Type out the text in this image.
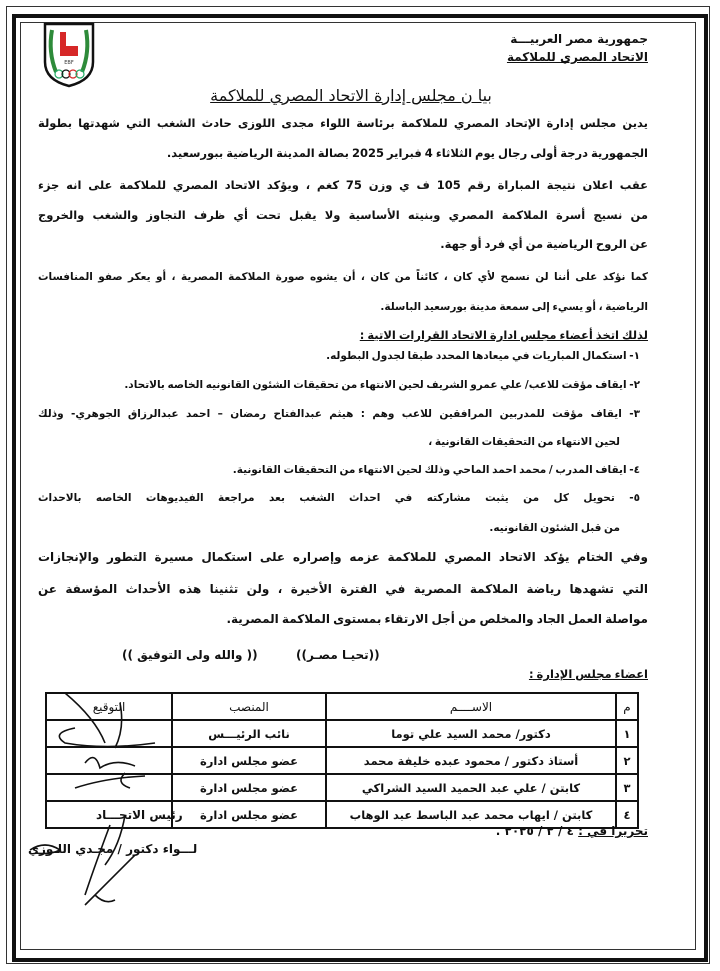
EBF
جمهورية مصر العربيـــة
الاتحاد المصري للملاكمة
بيا ن مجلس إدارة الاتحاد المصري للملاكمة
يدين مجلس إدارة الإتحاد المصري للملاكمة برئاسة اللواء مجدى اللوزى حادث الشغب التي شهدتها بطولة
الجمهورية درجة أولى رجال يوم الثلاثاء 4 فبراير 2025 بصالة المدينة الرياضية ببورسعيد.
عقب اعلان نتيجة المباراة رقم 105 ف ي وزن 75 كغم ، ويؤكد الاتحاد المصري للملاكمة على انه جزء
من نسيج أسرة الملاكمة المصري وبنيته الأساسية ولا يقبل تحت أي ظرف التجاوز والشغب والخروج
عن الروح الرياضية من أي فرد أو جهة.
كما نؤكد على أننا لن نسمح لأي كان ، كائناً من كان ، أن يشوه صورة الملاكمة المصرية ، أو يعكر صفو المنافسات
الرياضية ، أو يسيء إلى سمعة مدينة بورسعيد الباسلة.
لذلك اتخذ أعضاء مجلس ادارة الاتحاد القرارات الاتية :
١- استكمال المباريات في ميعادها المحدد طبقا لجدول البطوله.
٢- ايقاف مؤقت للاعب/ علي عمرو الشريف لحين الانتهاء من تحقيقات الشئون القانونيه الخاصه بالاتحاد.
٣- ايقاف مؤقت للمدربين المرافقين للاعب وهم : هيثم عبدالفتاح رمضان – احمد عبدالرزاق الجوهري- وذلك
لحين الانتهاء من التحقيقات القانونية ،
٤- ايقاف المدرب / محمد احمد الماحي وذلك لحين الانتهاء من التحقيقات القانونية.
٥- تحويل كل من يثبت مشاركته في احداث الشغب بعد مراجعة الفيديوهات الخاصه بالاحداث
من قبل الشئون القانونيه.
وفي الختام يؤكد الاتحاد المصري للملاكمة عزمه وإصراره على استكمال مسيرة التطور والإنجازات
التي تشهدها رياضة الملاكمة المصرية في الفترة الأخيرة ، ولن تثنينا هذه الأحداث المؤسفة عن
مواصلة العمل الجاد والمخلص من أجل الارتقاء بمستوى الملاكمة المصرية.
((تحيـا مصـر))
(( والله ولى التوفيق ))
اعضاء مجلس الإدارة :
م	الاســــم	المنصب	التوقيع
١	دكتور/ محمد السيد علي توما	نائب الرئيـــس	
٢	أستاذ دكتور / محمود عبده خليفة محمد	عضو مجلس ادارة	
٣	كابتن / علي عبد الحميد السيد الشراكي	عضو مجلس ادارة	
٤	كابتن / ايهاب محمد عبد الباسط عبد الوهاب	عضو مجلس ادارة	
رئيس الاتحـــاد
لـــواء دكتور / مجـدي اللـوزي
تحريرا في : ٤ / ٢ / ٢٠٢٥ .
